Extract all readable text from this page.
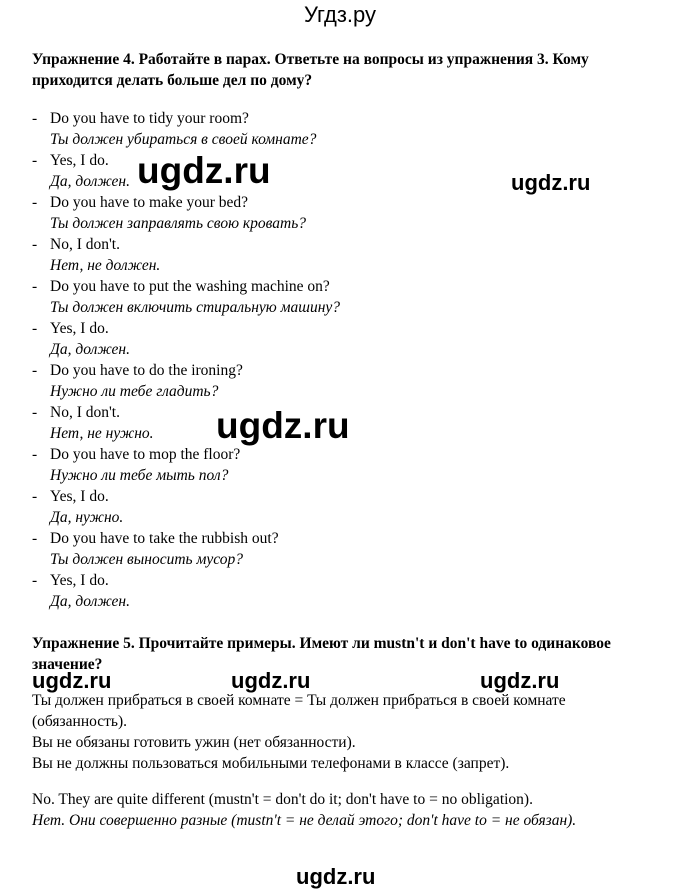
Угдз.ру
Упражнение 4. Работайте в парах. Ответьте на вопросы из упражнения 3. Кому приходится делать больше дел по дому?
- Do you have to tidy your room?
Ты должен убираться в своей комнате?
- Yes, I do.
Да, должен.
- Do you have to make your bed?
Ты должен заправлять свою кровать?
- No, I don't.
Нет, не должен.
- Do you have to put the washing machine on?
Ты должен включить стиральную машину?
- Yes, I do.
Да, должен.
- Do you have to do the ironing?
Нужно ли тебе гладить?
- No, I don't.
Нет, не нужно.
- Do you have to mop the floor?
Нужно ли тебе мыть пол?
- Yes, I do.
Да, нужно.
- Do you have to take the rubbish out?
Ты должен выносить мусор?
- Yes, I do.
Да, должен.
Упражнение 5. Прочитайте примеры. Имеют ли mustn't и don't have to одинаковое значение?

Ты должен прибраться в своей комнате = Ты должен прибраться в своей комнате (обязанность).

Вы не обязаны готовить ужин (нет обязанности).

Вы не должны пользоваться мобильными телефонами в классе (запрет).

No. They are quite different (mustn't = don't do it; don't have to = no obligation).

Нет. Они совершенно разные (mustn't = не делай этого; don't have to = не обязан).

ugdz.ru	ugdz.ru
ugdz.ru
ugdz.ru	ugdz.ru	ugdz.ru
ugdz.ru
